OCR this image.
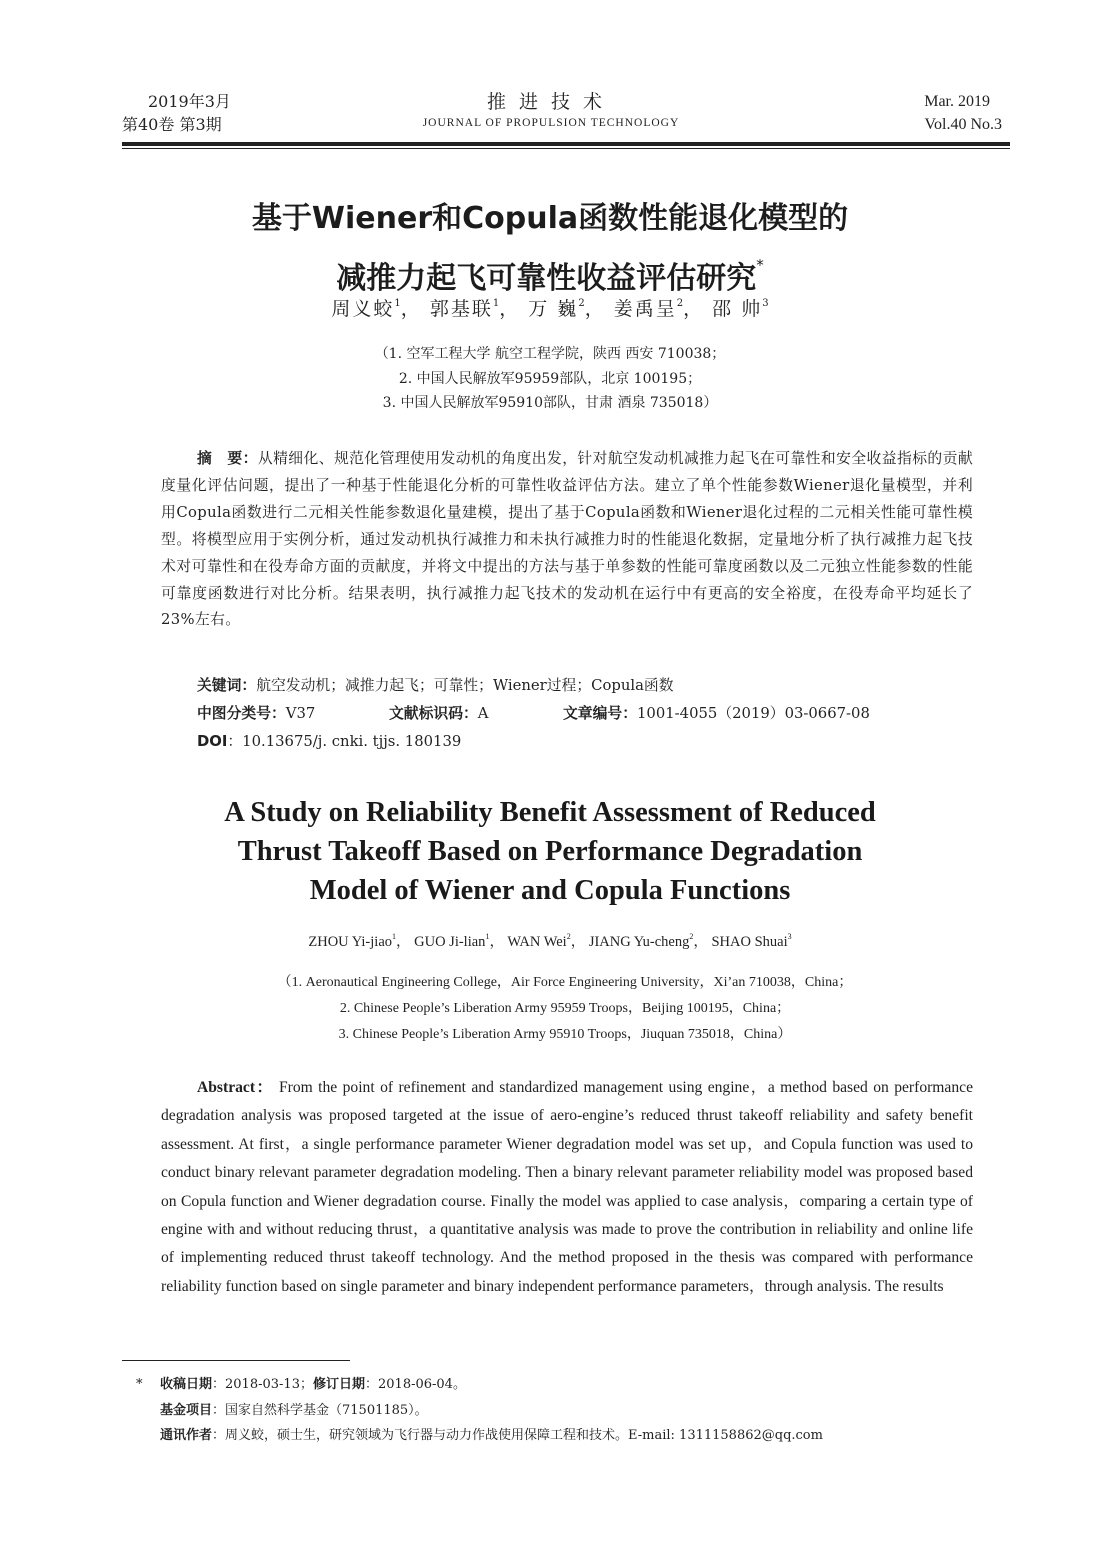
2019年3月
第40卷 第3期
推进技术
JOURNAL OF PROPULSION TECHNOLOGY
Mar. 2019
Vol.40 No.3
基于Wiener和Copula函数性能退化模型的
减推力起飞可靠性收益评估研究*
周义蛟$^1$， 郭基联$^1$， 万 巍$^2$， 姜禹呈$^2$， 邵 帅$^3$
（1. 空军工程大学 航空工程学院，陕西 西安 710038；
2. 中国人民解放军95959部队，北京 100195；
3. 中国人民解放军95910部队，甘肃 酒泉 735018）
摘　要：从精细化、规范化管理使用发动机的角度出发，针对航空发动机减推力起飞在可靠性和安全收益指标的贡献度量化评估问题，提出了一种基于性能退化分析的可靠性收益评估方法。建立了单个性能参数Wiener退化量模型，并利用Copula函数进行二元相关性能参数退化量建模，提出了基于Copula函数和Wiener退化过程的二元相关性能可靠性模型。将模型应用于实例分析，通过发动机执行减推力和未执行减推力时的性能退化数据，定量地分析了执行减推力起飞技术对可靠性和在役寿命方面的贡献度，并将文中提出的方法与基于单参数的性能可靠度函数以及二元独立性能参数的性能可靠度函数进行对比分析。结果表明，执行减推力起飞技术的发动机在运行中有更高的安全裕度，在役寿命平均延长了23%左右。
关键词：航空发动机；减推力起飞；可靠性；Wiener过程；Copula函数
中图分类号：V37	文献标识码：A	文章编号：1001-4055（2019）03-0667-08
DOI：10.13675/j. cnki. tjjs. 180139
A Study on Reliability Benefit Assessment of Reduced
Thrust Takeoff Based on Performance Degradation
Model of Wiener and Copula Functions
ZHOU Yi-jiao$^1$， GUO Ji-lian$^1$， WAN Wei$^2$， JIANG Yu-cheng$^2$， SHAO Shuai$^3$
（1. Aeronautical Engineering College，Air Force Engineering University，Xi’an 710038，China；
2. Chinese People’s Liberation Army 95959 Troops，Beijing 100195，China；
3. Chinese People’s Liberation Army 95910 Troops，Jiuquan 735018，China）
Abstract： From the point of refinement and standardized management using engine，a method based on performance degradation analysis was proposed targeted at the issue of aero-engine’s reduced thrust takeoff reliability and safety benefit assessment. At first，a single performance parameter Wiener degradation model was set up，and Copula function was used to conduct binary relevant parameter degradation modeling. Then a binary relevant parameter reliability model was proposed based on Copula function and Wiener degradation course. Finally the model was applied to case analysis，comparing a certain type of engine with and without reducing thrust，a quantitative analysis was made to prove the contribution in reliability and online life of implementing reduced thrust takeoff technology. And the method proposed in the thesis was compared with performance reliability function based on single parameter and binary independent performance parameters，through analysis. The results
* 收稿日期：2018-03-13；修订日期：2018-06-04。
基金项目：国家自然科学基金（71501185）。
通讯作者：周义蛟，硕士生，研究领域为飞行器与动力作战使用保障工程和技术。E-mail: 1311158862@qq.com
